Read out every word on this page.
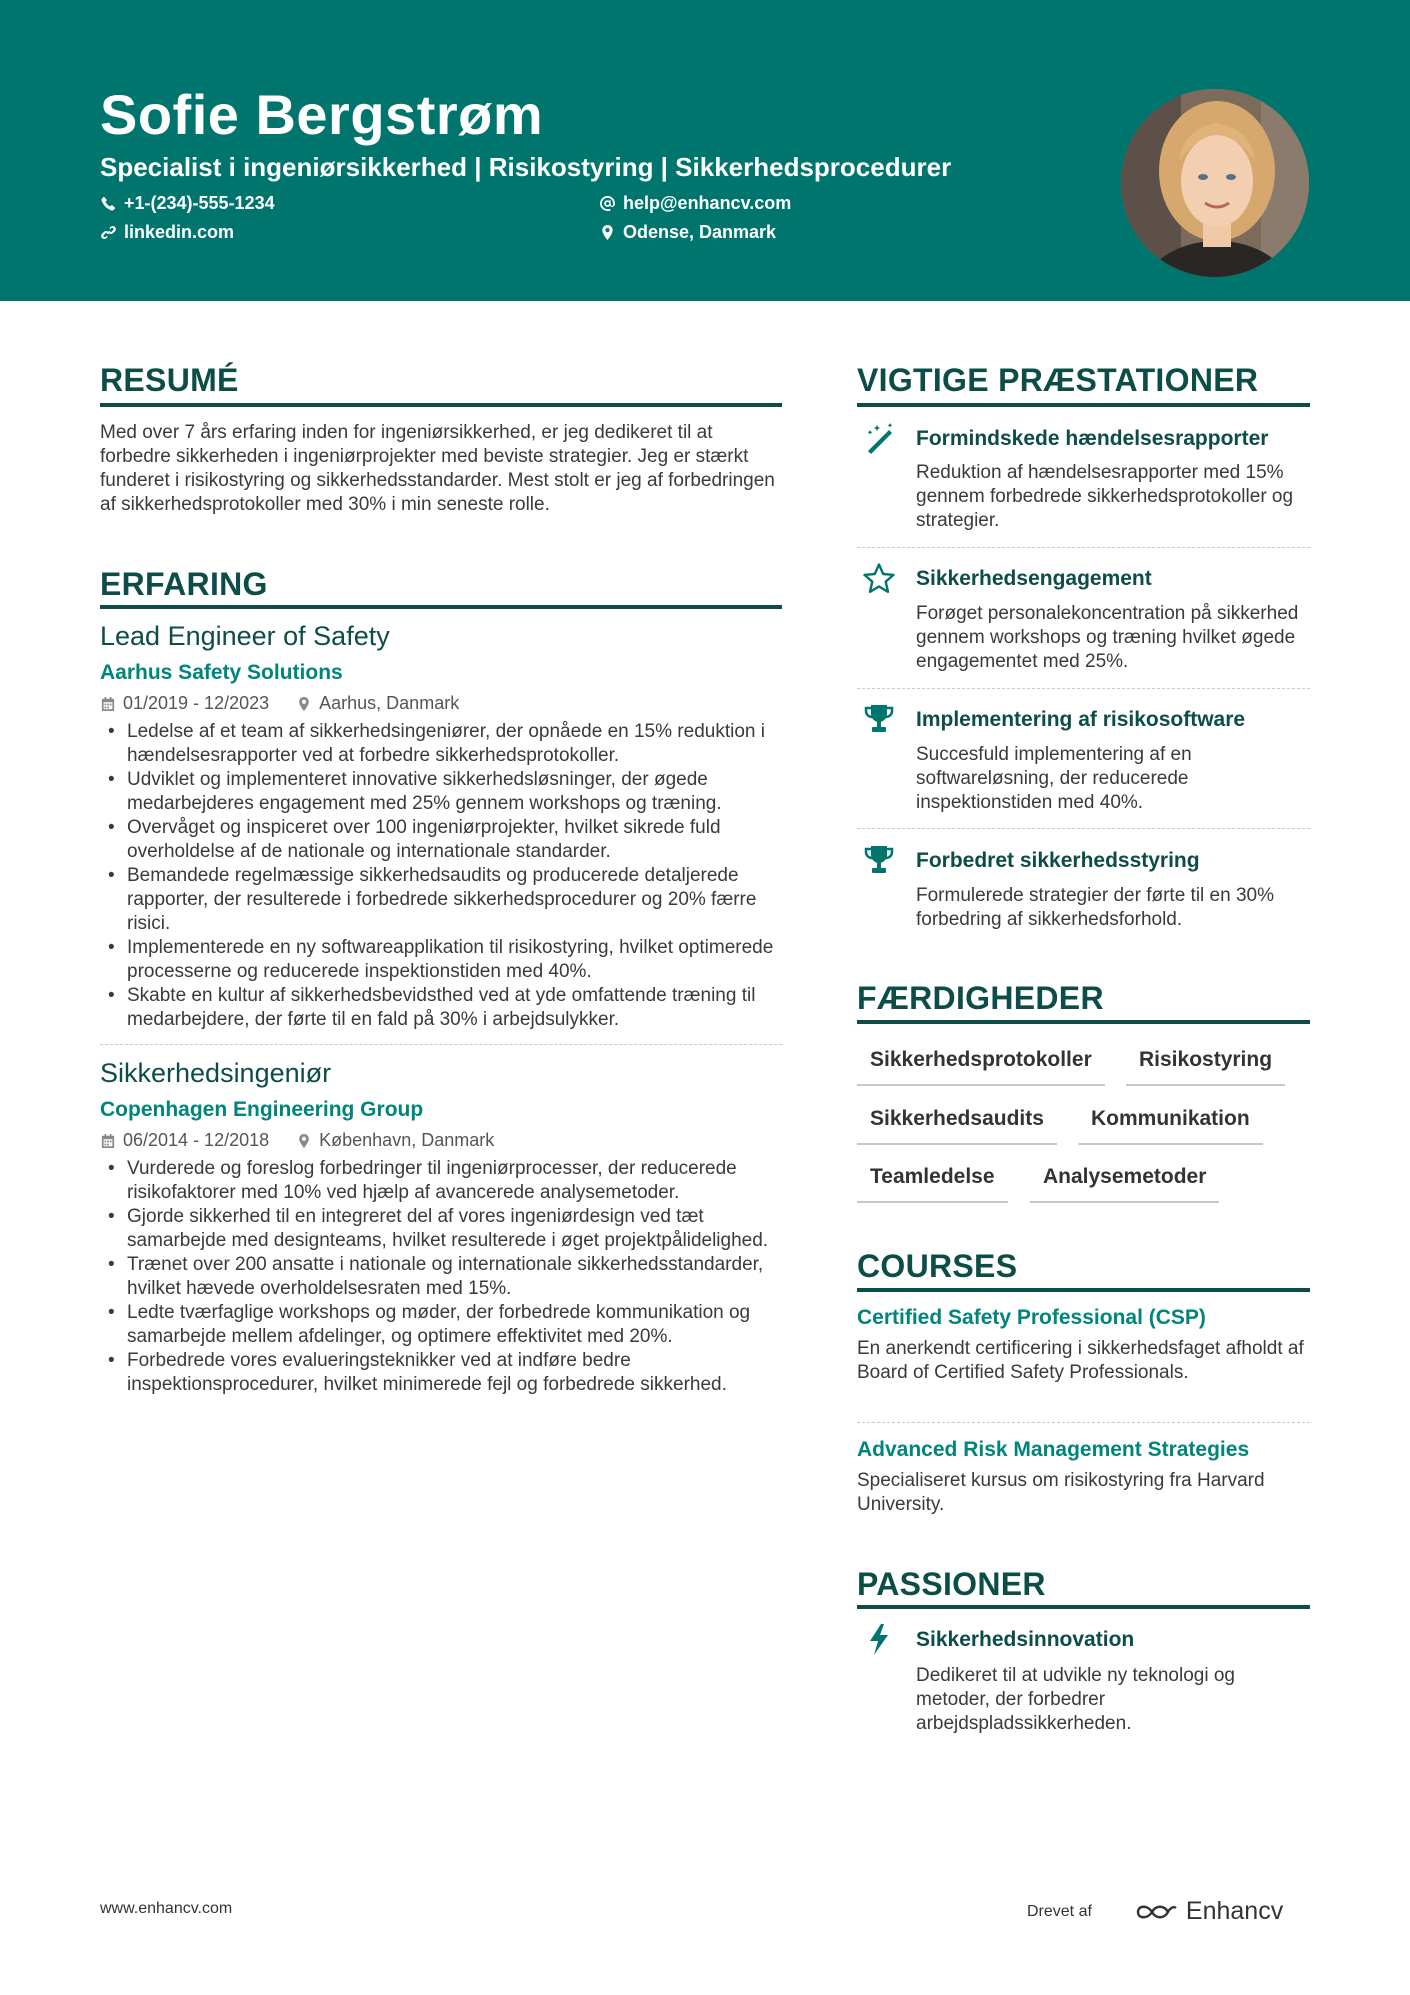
Sofie Bergstrøm
Specialist i ingeniørsikkerhed | Risikostyring | Sikkerhedsprocedurer
+1-(234)-555-1234	help@enhancv.com
linkedin.com	Odense, Danmark
RESUMÉ
Med over 7 års erfaring inden for ingeniørsikkerhed, er jeg dedikeret til at forbedre sikkerheden i ingeniørprojekter med beviste strategier. Jeg er stærkt funderet i risikostyring og sikkerhedsstandarder. Mest stolt er jeg af forbedringen af sikkerhedsprotokoller med 30% i min seneste rolle.
ERFARING
Lead Engineer of Safety
Aarhus Safety Solutions
01/2019 - 12/2023	Aarhus, Danmark
• Ledelse af et team af sikkerhedsingeniører, der opnåede en 15% reduktion i hændelsesrapporter ved at forbedre sikkerhedsprotokoller.
• Udviklet og implementeret innovative sikkerhedsløsninger, der øgede medarbejderes engagement med 25% gennem workshops og træning.
• Overvåget og inspiceret over 100 ingeniørprojekter, hvilket sikrede fuld overholdelse af de nationale og internationale standarder.
• Bemandede regelmæssige sikkerhedsaudits og producerede detaljerede rapporter, der resulterede i forbedrede sikkerhedsprocedurer og 20% færre risici.
• Implementerede en ny softwareapplikation til risikostyring, hvilket optimerede processerne og reducerede inspektionstiden med 40%.
• Skabte en kultur af sikkerhedsbevidsthed ved at yde omfattende træning til medarbejdere, der førte til en fald på 30% i arbejdsulykker.
Sikkerhedsingeniør
Copenhagen Engineering Group
06/2014 - 12/2018	København, Danmark
• Vurderede og foreslog forbedringer til ingeniørprocesser, der reducerede risikofaktorer med 10% ved hjælp af avancerede analysemetoder.
• Gjorde sikkerhed til en integreret del af vores ingeniørdesign ved tæt samarbejde med designteams, hvilket resulterede i øget projektpålidelighed.
• Trænet over 200 ansatte i nationale og internationale sikkerhedsstandarder, hvilket hævede overholdelsesraten med 15%.
• Ledte tværfaglige workshops og møder, der forbedrede kommunikation og samarbejde mellem afdelinger, og optimere effektivitet med 20%.
• Forbedrede vores evalueringsteknikker ved at indføre bedre inspektionsprocedurer, hvilket minimerede fejl og forbedrede sikkerhed.
VIGTIGE PRÆSTATIONER
Formindskede hændelsesrapporter
Reduktion af hændelsesrapporter med 15% gennem forbedrede sikkerhedsprotokoller og strategier.
Sikkerhedsengagement
Forøget personalekoncentration på sikkerhed gennem workshops og træning hvilket øgede engagementet med 25%.
Implementering af risikosoftware
Succesfuld implementering af en softwareløsning, der reducerede inspektionstiden med 40%.
Forbedret sikkerhedsstyring
Formulerede strategier der førte til en 30% forbedring af sikkerhedsforhold.
FÆRDIGHEDER
Sikkerhedsprotokoller	Risikostyring
Sikkerhedsaudits	Kommunikation
Teamledelse	Analysemetoder
COURSES
Certified Safety Professional (CSP)
En anerkendt certificering i sikkerhedsfaget afholdt af Board of Certified Safety Professionals.
Advanced Risk Management Strategies
Specialiseret kursus om risikostyring fra Harvard University.
PASSIONER
Sikkerhedsinnovation
Dedikeret til at udvikle ny teknologi og metoder, der forbedrer arbejdspladssikkerheden.
www.enhancv.com	Drevet af	Enhancv
